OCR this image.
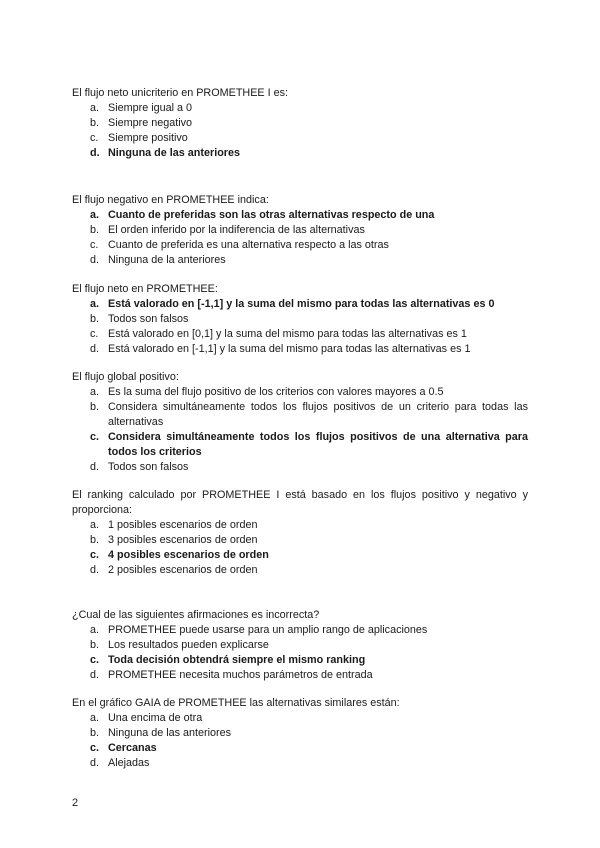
El flujo neto unicriterio en PROMETHEE I es:

a. Siempre igual a 0
b. Siempre negativo
c. Siempre positivo
d. Ninguna de las anteriores

El flujo negativo en PROMETHEE indica:

a. Cuanto de preferidas son las otras alternativas respecto de una
b. El orden inferido por la indiferencia de las alternativas
c. Cuanto de preferida es una alternativa respecto a las otras
d. Ninguna de la anteriores

El flujo neto en PROMETHEE:

a. Está valorado en [-1,1] y la suma del mismo para todas las alternativas es 0
b. Todos son falsos
c. Está valorado en [0,1] y la suma del mismo para todas las alternativas es 1
d. Está valorado en [-1,1] y la suma del mismo para todas las alternativas es 1

El flujo global positivo:

a. Es la suma del flujo positivo de los criterios con valores mayores a 0.5
b. Considera simultáneamente todos los flujos positivos de un criterio para todas las alternativas
c. Considera simultáneamente todos los flujos positivos de una alternativa para todos los criterios
d. Todos son falsos

El ranking calculado por PROMETHEE I está basado en los flujos positivo y negativo y proporciona:

a. 1 posibles escenarios de orden
b. 3 posibles escenarios de orden
c. 4 posibles escenarios de orden
d. 2 posibles escenarios de orden

¿Cual de las siguientes afirmaciones es incorrecta?

a. PROMETHEE puede usarse para un amplio rango de aplicaciones
b. Los resultados pueden explicarse
c. Toda decisión obtendrá siempre el mismo ranking
d. PROMETHEE necesita muchos parámetros de entrada

En el gráfico GAIA de PROMETHEE las alternativas similares están:

a. Una encima de otra
b. Ninguna de las anteriores
c. Cercanas
d. Alejadas
2
